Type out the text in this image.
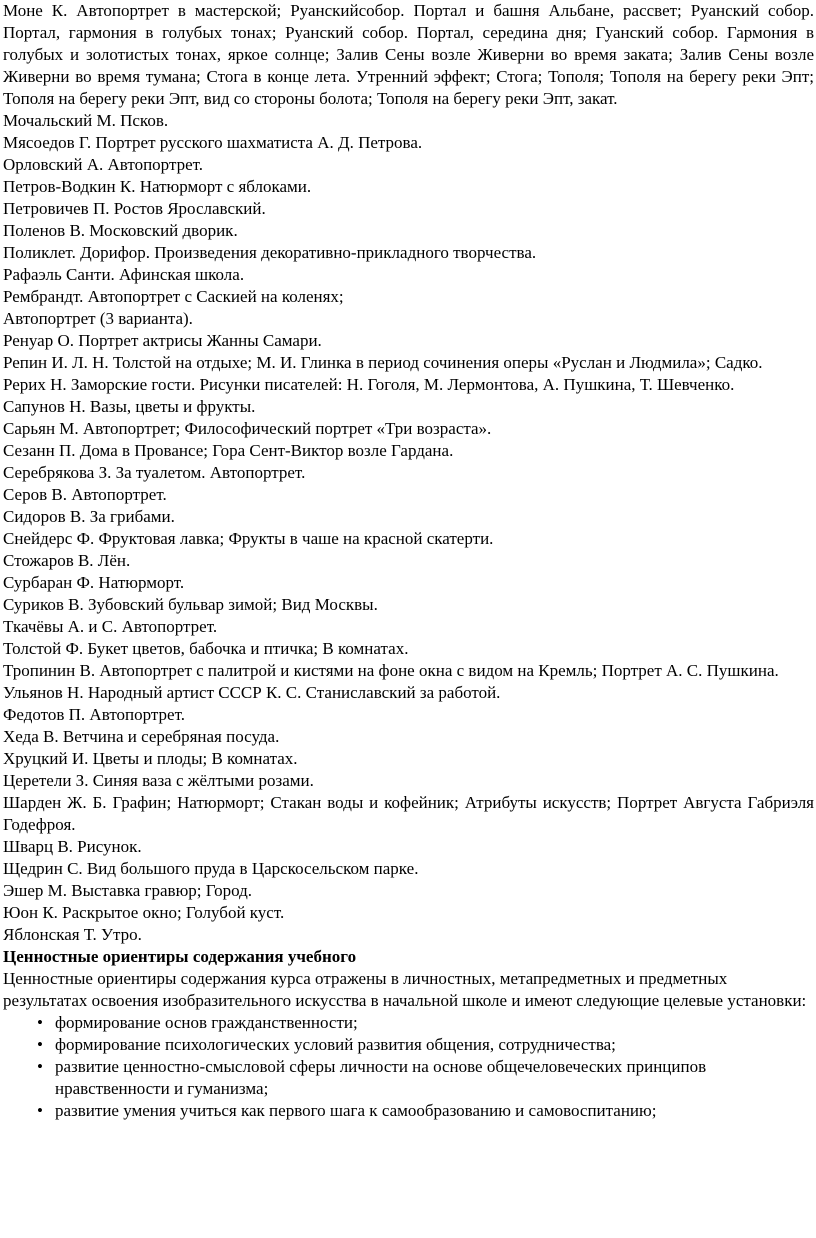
Моне К. Автопортрет в мастерской; Руанскийсобор. Портал и башня Альбане, рассвет; Руанский собор. Портал, гармония в голубых тонах; Руанский собор. Портал, середина дня; Гуанский собор. Гармония в голубых и золотистых тонах, яркое солнце; Залив Сены возле Живерни во время заката; Залив Сены возле Живерни во время тумана; Стога в конце лета. Утренний эффект; Стога; Тополя; Тополя на берегу реки Эпт; Тополя на берегу реки Эпт, вид со стороны болота; Тополя на берегу реки Эпт, закат.

Мочальский М. Псков.

Мясоедов Г. Портрет русского шахматиста А. Д. Петрова.

Орловский А. Автопортрет.

Петров-Водкин К. Натюрморт с яблоками.

Петровичев П. Ростов Ярославский.

Поленов В. Московский дворик.

Поликлет. Дорифор. Произведения декоративно-прикладного творчества.

Рафаэль Санти. Афинская школа.

Рембрандт. Автопортрет с Саскией на коленях;

Автопортрет (3 варианта).

Ренуар О. Портрет актрисы Жанны Самари.

Репин И. Л. Н. Толстой на отдыхе; М. И. Глинка в период сочинения оперы «Руслан и Людмила»; Садко.

Рерих Н. Заморские гости. Рисунки писателей: Н. Гоголя, М. Лермонтова, А. Пушкина, Т. Шевченко.

Сапунов Н. Вазы, цветы и фрукты.

Сарьян М. Автопортрет; Философический портрет «Три возраста».

Сезанн П. Дома в Провансе; Гора Сент-Виктор возле Гардана.

Серебрякова З. За туалетом. Автопортрет.

Серов В. Автопортрет.

Сидоров В. За грибами.

Снейдерс Ф. Фруктовая лавка; Фрукты в чаше на красной скатерти.

Стожаров В. Лён.

Сурбаран Ф. Натюрморт.

Суриков В. Зубовский бульвар зимой; Вид Москвы.

Ткачёвы А. и С. Автопортрет.

Толстой Ф. Букет цветов, бабочка и птичка; В комнатах.

Тропинин В. Автопортрет с палитрой и кистями на фоне окна с видом на Кремль; Портрет А. С. Пушкина.

Ульянов Н. Народный артист СССР К. С. Станиславский за работой.

Федотов П. Автопортрет.

Хеда В. Ветчина и серебряная посуда.

Хруцкий И. Цветы и плоды; В комнатах.

Церетели З. Синяя ваза с жёлтыми розами.

Шарден Ж. Б. Графин; Натюрморт; Стакан воды и кофейник; Атрибуты искусств; Портрет Августа Габриэля Годефроя.

Шварц В. Рисунок.

Щедрин С. Вид большого пруда в Царскосельском парке.

Эшер М. Выставка гравюр; Город.

Юон К. Раскрытое окно; Голубой куст.

Яблонская Т. Утро.

Ценностные ориентиры содержания учебного

Ценностные ориентиры содержания курса отражены в личностных, метапредметных и предметных результатах освоения изобразительного искусства в начальной школе и имеют следующие целевые установки:

• формирование основ гражданственности;
• формирование психологических условий развития общения, сотрудничества;
• развитие ценностно-смысловой сферы личности на основе общечеловеческих принципов нравственности и гуманизма;
• развитие умения учиться как первого шага к самообразованию и самовоспитанию;
